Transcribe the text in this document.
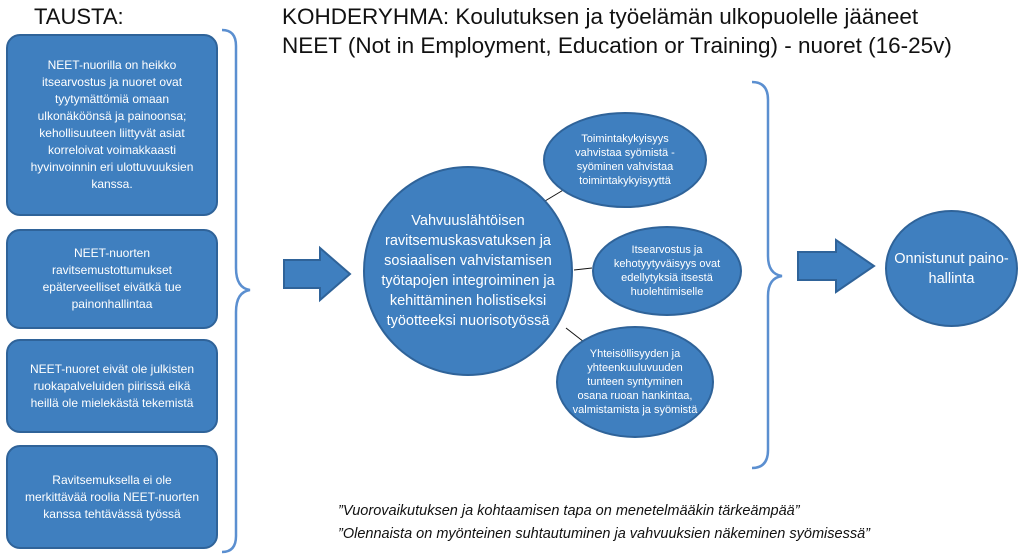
TAUSTA:	KOHDERYHMA: Koulutuksen ja työelämän ulkopuolelle jääneet
NEET (Not in Employment, Education or Training) - nuoret (16-25v)
NEET-nuorilla on heikko itsearvostus ja nuoret ovat tyytymättömiä omaan ulkonäköönsä ja painoonsa; kehollisuuteen liittyvät asiat korreloivat voimakkaasti hyvinvoinnin eri ulottuvuuksien kanssa.
NEET-nuorten ravitsemustottumukset epäterveelliset eivätkä tue painonhallintaa
NEET-nuoret eivät ole julkisten ruokapalveluiden piirissä eikä heillä ole mielekästä tekemistä
Ravitsemuksella ei ole merkittävää roolia NEET-nuorten kanssa tehtävässä työssä
Vahvuuslähtöisen ravitsemuskasvatuksen ja sosiaalisen vahvistamisen työtapojen integroiminen ja kehittäminen holistiseksi työotteeksi nuorisotyössä
Toimintakykyisyys vahvistaa syömistä - syöminen vahvistaa toimintakykyisyyttä
Itsearvostus ja kehotyytyväisyys ovat edellytyksiä itsestä huolehtimiselle
Yhteisöllisyyden ja yhteenkuuluvuuden tunteen syntyminen osana ruoan hankintaa, valmistamista ja syömistä
Onnistunut paino-hallinta
”Vuorovaikutuksen ja kohtaamisen tapa on menetelmääkin tärkeämpää”
”Olennaista on myönteinen suhtautuminen ja vahvuuksien näkeminen syömisessä”
